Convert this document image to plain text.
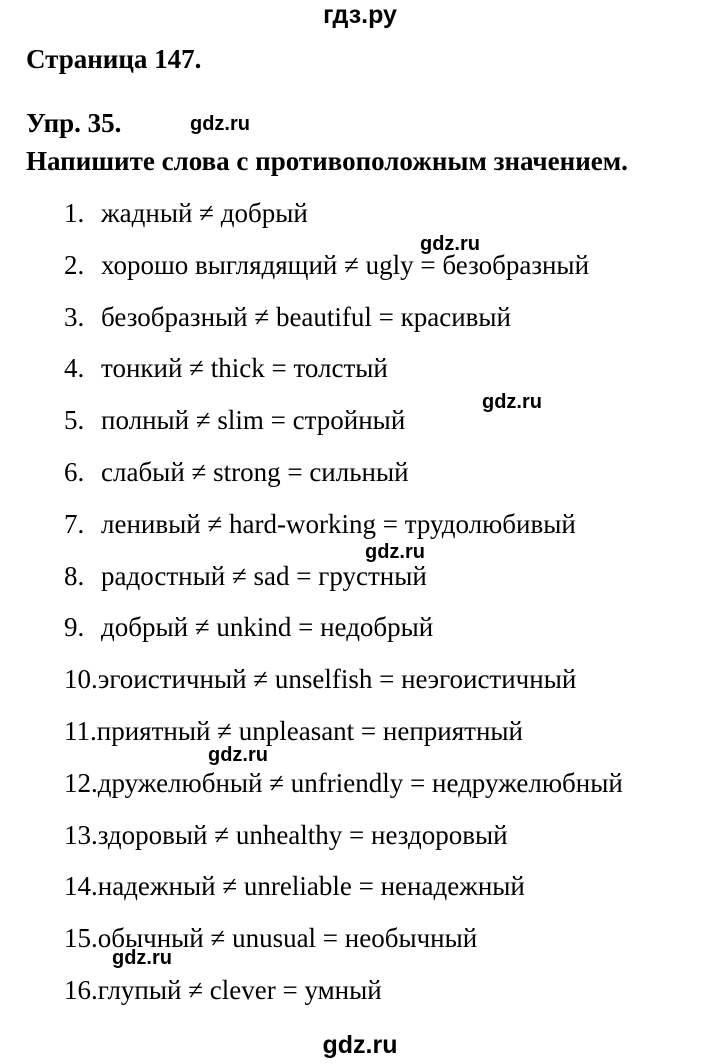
гдз.ру
Страница 147.
Упр. 35.
Напишите слова с противоположным значением.
1. жадный ≠ добрый
2. хорошо выглядящий ≠ ugly = безобразный
3. безобразный ≠ beautiful = красивый
4. тонкий ≠ thick = толстый
5. полный ≠ slim = стройный
6. слабый ≠ strong = сильный
7. ленивый ≠ hard-working = трудолюбивый
8. радостный ≠ sad = грустный
9. добрый ≠ unkind = недобрый
10. эгоистичный ≠ unselfish = неэгоистичный
11. приятный ≠ unpleasant = неприятный
12. дружелюбный ≠ unfriendly = недружелюбный
13. здоровый ≠ unhealthy = нездоровый
14. надежный ≠ unreliable = ненадежный
15. обычный ≠ unusual = необычный
16. глупый ≠ clever = умный
gdz.ru
gdz.ru
gdz.ru
gdz.ru
gdz.ru
gdz.ru
gdz.ru
